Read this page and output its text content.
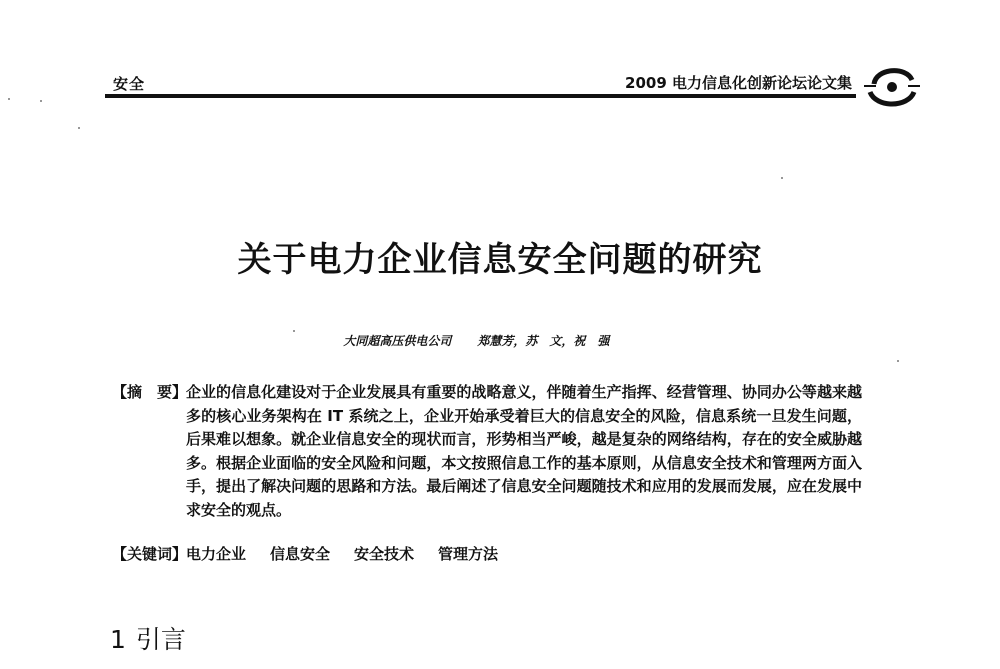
安全	2009 电力信息化创新论坛论文集
关于电力企业信息安全问题的研究

大同超高压供电公司 郑慧芳，苏　文，祝　强

【摘　要】
企业的信息化建设对于企业发展具有重要的战略意义，伴随着生产指挥、经营管理、协同办公等越来越多的核心业务架构在 IT 系统之上，企业开始承受着巨大的信息安全的风险，信息系统一旦发生问题，后果难以想象。就企业信息安全的现状而言，形势相当严峻，越是复杂的网络结构，存在的安全威胁越多。根据企业面临的安全风险和问题，本文按照信息工作的基本原则，从信息安全技术和管理两方面入手，提出了解决问题的思路和方法。最后阐述了信息安全问题随技术和应用的发展而发展，应在发展中求安全的观点。
【关键词】电力企业 信息安全 安全技术 管理方法
1 引言
